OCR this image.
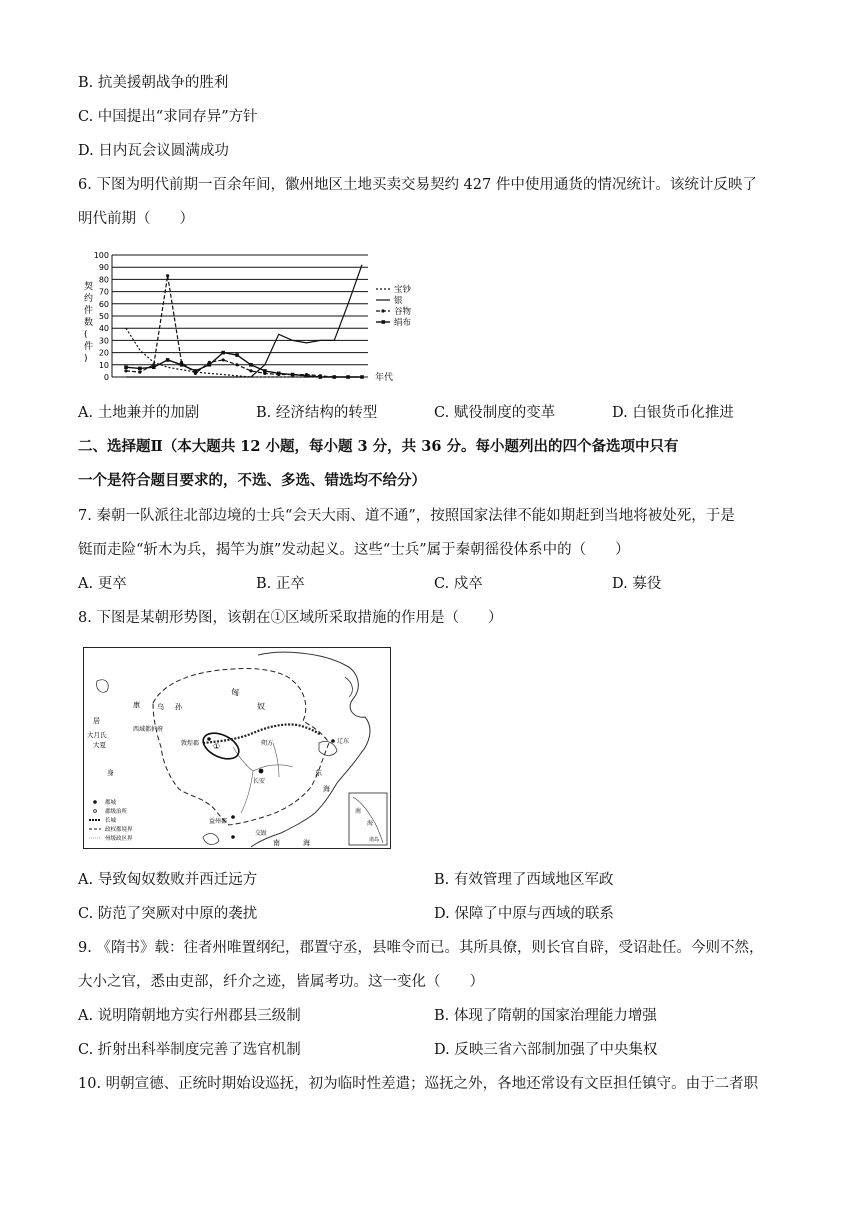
B. 抗美援朝战争的胜利
C. 中国提出“求同存异”方针
D. 日内瓦会议圆满成功
6. 下图为明代前期一百余年间，徽州地区土地买卖交易契约 427 件中使用通货的情况统计。该统计反映了
明代前期（　　）
契
约
件
数
(
件
)
100
90
80
70
60
50
40
30
20
10
0
宝钞
银
谷物
绢布
年代
A. 土地兼并的加剧	B. 经济结构的转型	C. 赋役制度的变革	D. 白银货币化推进
二、选择题Ⅱ（本大题共 12 小题，每小题 3 分，共 36 分。每小题列出的四个备选项中只有
一个是符合题目要求的，不选、多选、错选均不给分）
7. 秦朝一队派往北部边境的士兵“会天大雨、道不通”，按照国家法律不能如期赶到当地将被处死，于是
铤而走险“斩木为兵，揭竿为旗”发动起义。这些“士兵”属于秦朝徭役体系中的（　　）
A. 更卒	B. 正卒	C. 戍卒	D. 募役
8. 下图是某朝形势图，该朝在①区域所采取措施的作用是（　　）
都城
郡级治所
长城
政权都境界
州级政区界
南
海
诸岛
匈
奴
康 乌 孙
居
大月氏
大夏
身
西域都护府
敦煌郡 ①
辽东
朔方
长安
交趾
益州郡
南	海
东
海
A. 导致匈奴数败并西迁远方	B. 有效管理了西域地区军政
C. 防范了突厥对中原的袭扰	D. 保障了中原与西域的联系
9. 《隋书》载：往者州唯置纲纪，郡置守丞，县唯令而已。其所具僚，则长官自辟，受诏赴任。今则不然，
大小之官，悉由吏部，纤介之迹，皆属考功。这一变化（　　）
A. 说明隋朝地方实行州郡县三级制	B. 体现了隋朝的国家治理能力增强
C. 折射出科举制度完善了选官机制	D. 反映三省六部制加强了中央集权
10. 明朝宣德、正统时期始设巡抚，初为临时性差遣；巡抚之外，各地还常设有文臣担任镇守。由于二者职
